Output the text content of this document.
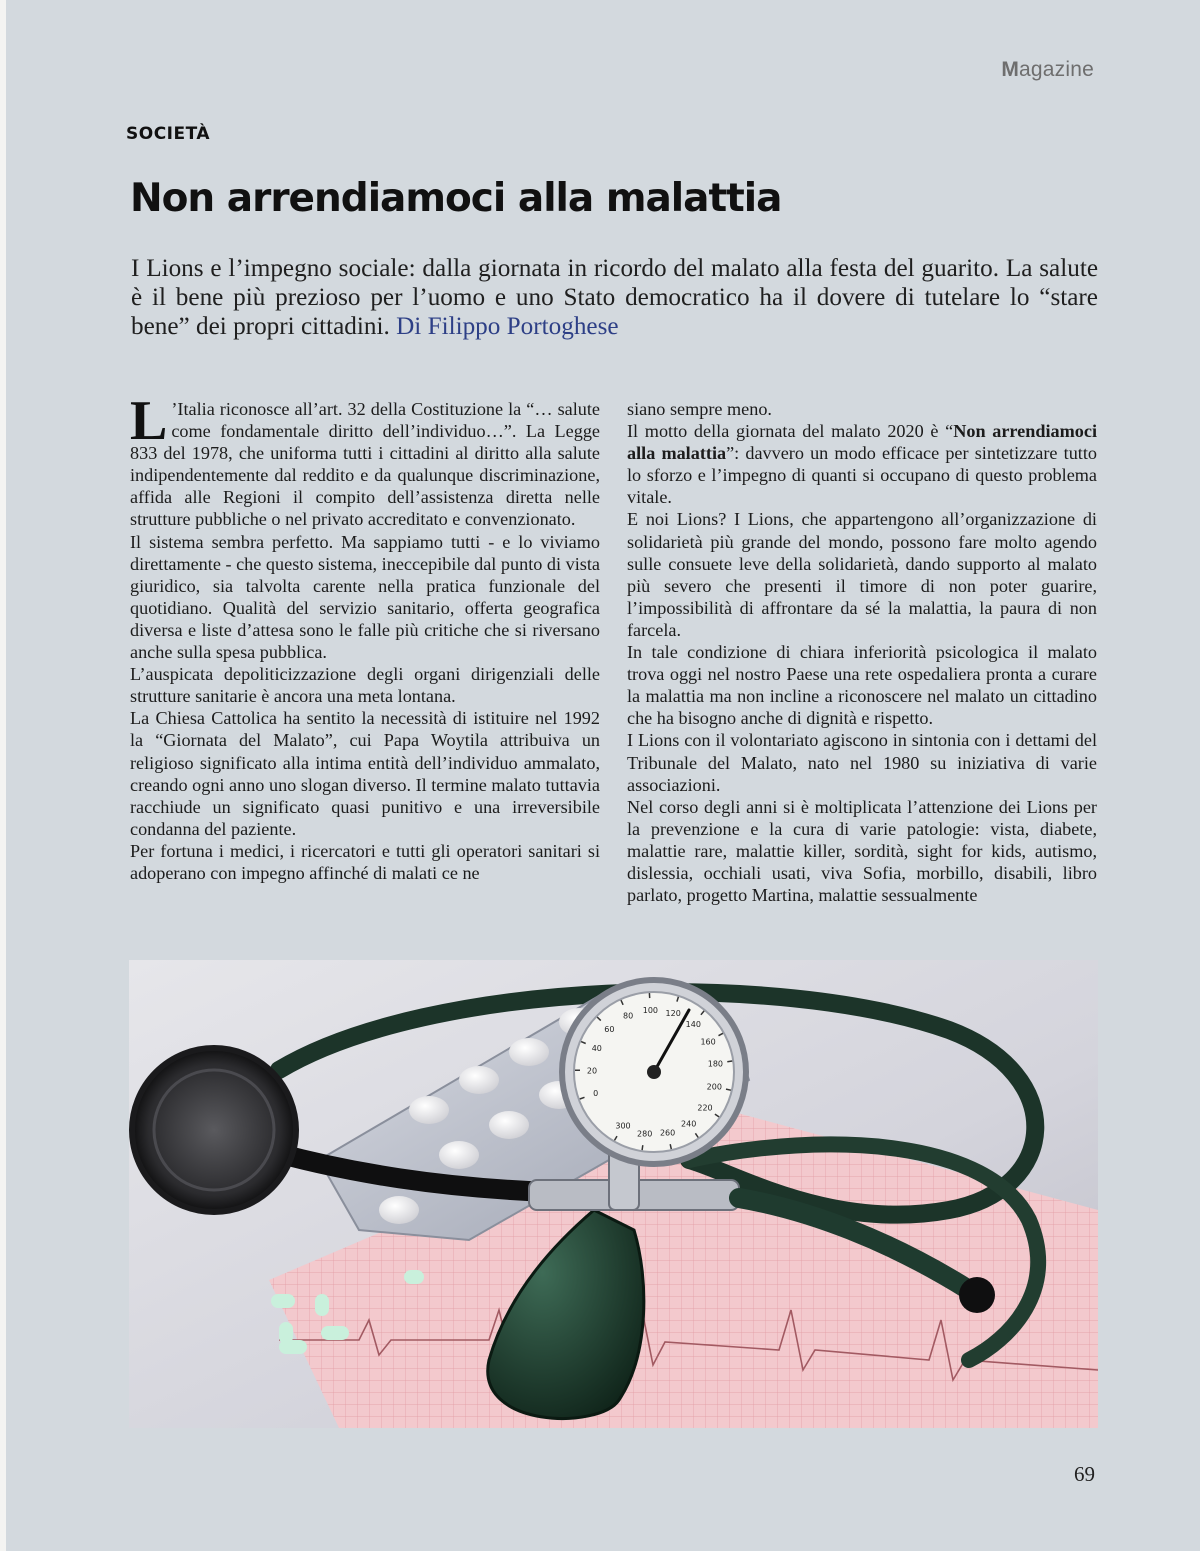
Magazine
SOCIETÀ
Non arrendiamoci alla malattia

I Lions e l’impegno sociale: dalla giornata in ricordo del malato alla festa del guarito. La salute è il bene più prezioso per l’uomo e uno Stato democratico ha il dovere di tutelare lo “stare bene” dei propri cittadini. Di Filippo Portoghese

L ’Italia riconosce all’art. 32 della Costituzione la “… salute come fondamentale diritto dell’individuo…”. La Legge 833 del 1978, che uniforma tutti i cittadini al diritto alla salute indipendentemente dal reddito e da qualunque discriminazione, affida alle Regioni il compito dell’assistenza diretta nelle strutture pubbliche o nel privato accreditato e convenzionato.

Il sistema sembra perfetto. Ma sappiamo tutti - e lo viviamo direttamente - che questo sistema, ineccepibile dal punto di vista giuridico, sia talvolta carente nella pratica funzionale del quotidiano. Qualità del servizio sanitario, offerta geografica diversa e liste d’attesa sono le falle più critiche che si riversano anche sulla spesa pubblica.

L’auspicata depoliticizzazione degli organi dirigenziali delle strutture sanitarie è ancora una meta lontana.

La Chiesa Cattolica ha sentito la necessità di istituire nel 1992 la “Giornata del Malato”, cui Papa Woytila attribuiva un religioso significato alla intima entità dell’individuo ammalato, creando ogni anno uno slogan diverso. Il termine malato tuttavia racchiude un significato quasi punitivo e una irreversibile condanna del paziente.

Per fortuna i medici, i ricercatori e tutti gli operatori sanitari si adoperano con impegno affinché di malati ce ne

siano sempre meno.

Il motto della giornata del malato 2020 è “Non arrendiamoci alla malattia”: davvero un modo efficace per sintetizzare tutto lo sforzo e l’impegno di quanti si occupano di questo problema vitale.

E noi Lions? I Lions, che appartengono all’organizzazione di solidarietà più grande del mondo, possono fare molto agendo sulle consuete leve della solidarietà, dando supporto al malato più severo che presenti il timore di non poter guarire, l’impossibilità di affrontare da sé la malattia, la paura di non farcela.

In tale condizione di chiara inferiorità psicologica il malato trova oggi nel nostro Paese una rete ospedaliera pronta a curare la malattia ma non incline a riconoscere nel malato un cittadino che ha bisogno anche di dignità e rispetto.

I Lions con il volontariato agiscono in sintonia con i dettami del Tribunale del Malato, nato nel 1980 su iniziativa di varie associazioni.

Nel corso degli anni si è moltiplicata l’attenzione dei Lions per la prevenzione e la cura di varie patologie: vista, diabete, malattie rare, malattie killer, sordità, sight for kids, autismo, dislessia, occhiali usati, viva Sofia, morbillo, disabili, libro parlato, progetto Martina, malattie sessualmente

0
20
40
60
80
100 120
140
160
180
200
220
240
260
280
300
69
